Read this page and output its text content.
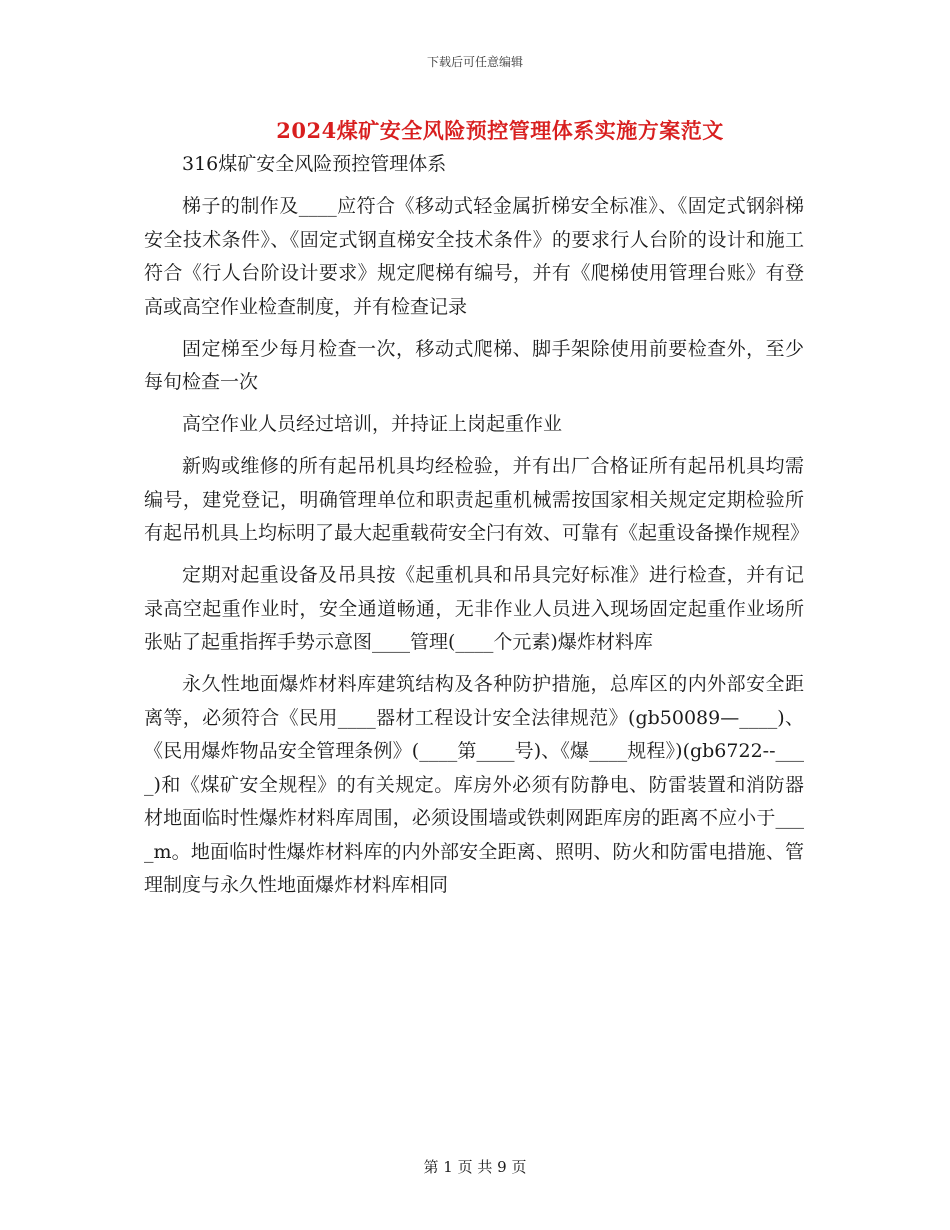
下载后可任意编辑
2024煤矿安全风险预控管理体系实施方案范文

316煤矿安全风险预控管理体系

梯子的制作及____应符合《移动式轻金属折梯安全标准》、《固定式钢斜梯安全技术条件》、《固定式钢直梯安全技术条件》的要求行人台阶的设计和施工符合《行人台阶设计要求》规定爬梯有编号，并有《爬梯使用管理台账》有登高或高空作业检查制度，并有检查记录

固定梯至少每月检查一次，移动式爬梯、脚手架除使用前要检查外，至少每旬检查一次

高空作业人员经过培训，并持证上岗起重作业

新购或维修的所有起吊机具均经检验，并有出厂合格证所有起吊机具均需编号，建党登记，明确管理单位和职责起重机械需按国家相关规定定期检验所有起吊机具上均标明了最大起重载荷安全闩有效、可靠有《起重设备操作规程》

定期对起重设备及吊具按《起重机具和吊具完好标准》进行检查，并有记录高空起重作业时，安全通道畅通，无非作业人员进入现场固定起重作业场所张贴了起重指挥手势示意图____管理(____个元素)爆炸材料库

永久性地面爆炸材料库建筑结构及各种防护措施，总库区的内外部安全距离等，必须符合《民用____器材工程设计安全法律规范》(gb50089—____)、《民用爆炸物品安全管理条例》(____第____号)、《爆____规程》)(gb6722--____)和《煤矿安全规程》的有关规定。库房外必须有防静电、防雷装置和消防器材地面临时性爆炸材料库周围，必须设围墙或铁刺网距库房的距离不应小于____m。地面临时性爆炸材料库的内外部安全距离、照明、防火和防雷电措施、管理制度与永久性地面爆炸材料库相同

第 1 页 共 9 页
